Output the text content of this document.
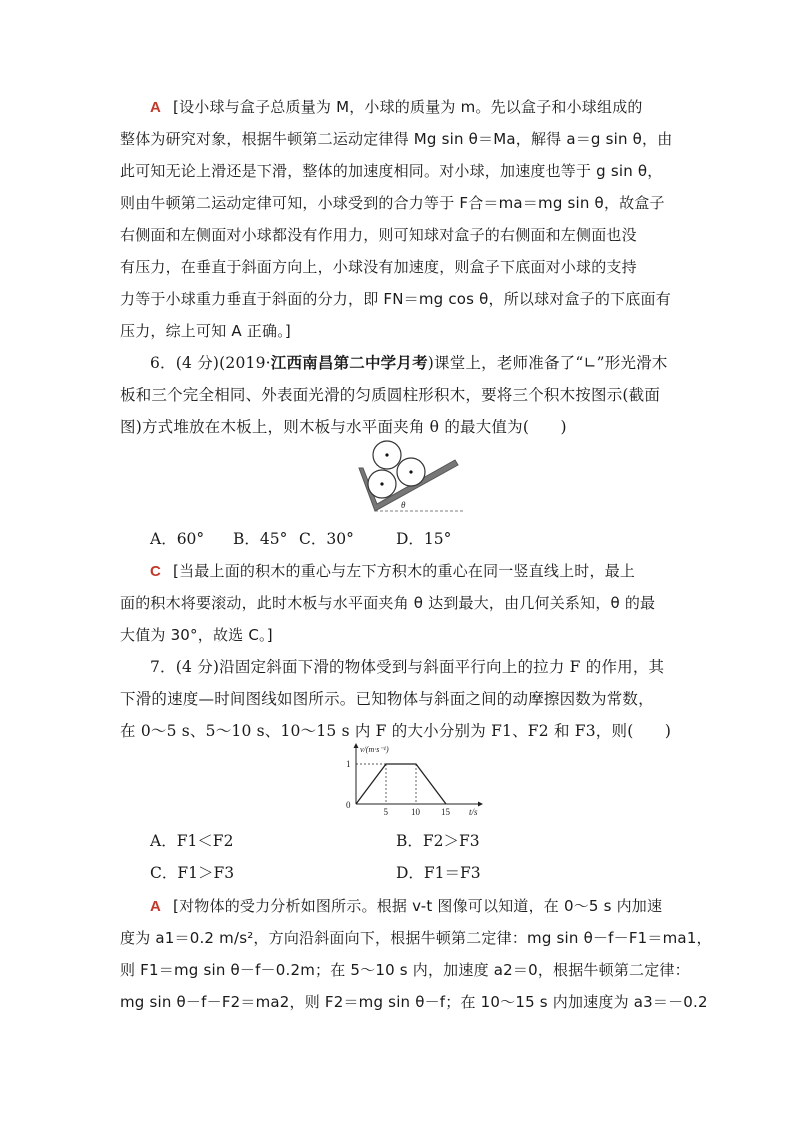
A [设小球与盒子总质量为 M，小球的质量为 m。先以盒子和小球组成的
整体为研究对象，根据牛顿第二运动定律得 Mg sin θ＝Ma，解得 a＝g sin θ，由
此可知无论上滑还是下滑，整体的加速度相同。对小球，加速度也等于 g sin θ，
则由牛顿第二运动定律可知，小球受到的合力等于 F合＝ma＝mg sin θ，故盒子
右侧面和左侧面对小球都没有作用力，则可知球对盒子的右侧面和左侧面也没
有压力，在垂直于斜面方向上，小球没有加速度，则盒子下底面对小球的支持
力等于小球重力垂直于斜面的分力，即 FN＝mg cos θ，所以球对盒子的下底面有
压力，综上可知 A 正确。]
6．(4 分)(2019·江西南昌第二中学月考)课堂上，老师准备了“∟”形光滑木
板和三个完全相同、外表面光滑的匀质圆柱形积木，要将三个积木按图示(截面
图)方式堆放在木板上，则木板与水平面夹角 θ 的最大值为(　　)
θ
A．60° B．45° C．30°	D．15°
C [当最上面的积木的重心与左下方积木的重心在同一竖直线上时，最上
面的积木将要滚动，此时木板与水平面夹角 θ 达到最大，由几何关系知，θ 的最
大值为 30°，故选 C。]
7．(4 分)沿固定斜面下滑的物体受到与斜面平行向上的拉力 F 的作用，其
下滑的速度—时间图线如图所示。已知物体与斜面之间的动摩擦因数为常数，
在 0～5 s、5～10 s、10～15 s 内 F 的大小分别为 F1、F2 和 F3，则(　　)
v/(m·s⁻¹)
t/s
0
5	10 15
1
A．F1＜F2	B．F2＞F3
C．F1＞F3	D．F1＝F3
A [对物体的受力分析如图所示。根据 v-t 图像可以知道，在 0～5 s 内加速
度为 a1＝0.2 m/s²，方向沿斜面向下，根据牛顿第二定律：mg sin θ－f－F1＝ma1，
则 F1＝mg sin θ－f－0.2m；在 5～10 s 内，加速度 a2＝0，根据牛顿第二定律：
mg sin θ－f－F2＝ma2，则 F2＝mg sin θ－f；在 10～15 s 内加速度为 a3＝－0.2
